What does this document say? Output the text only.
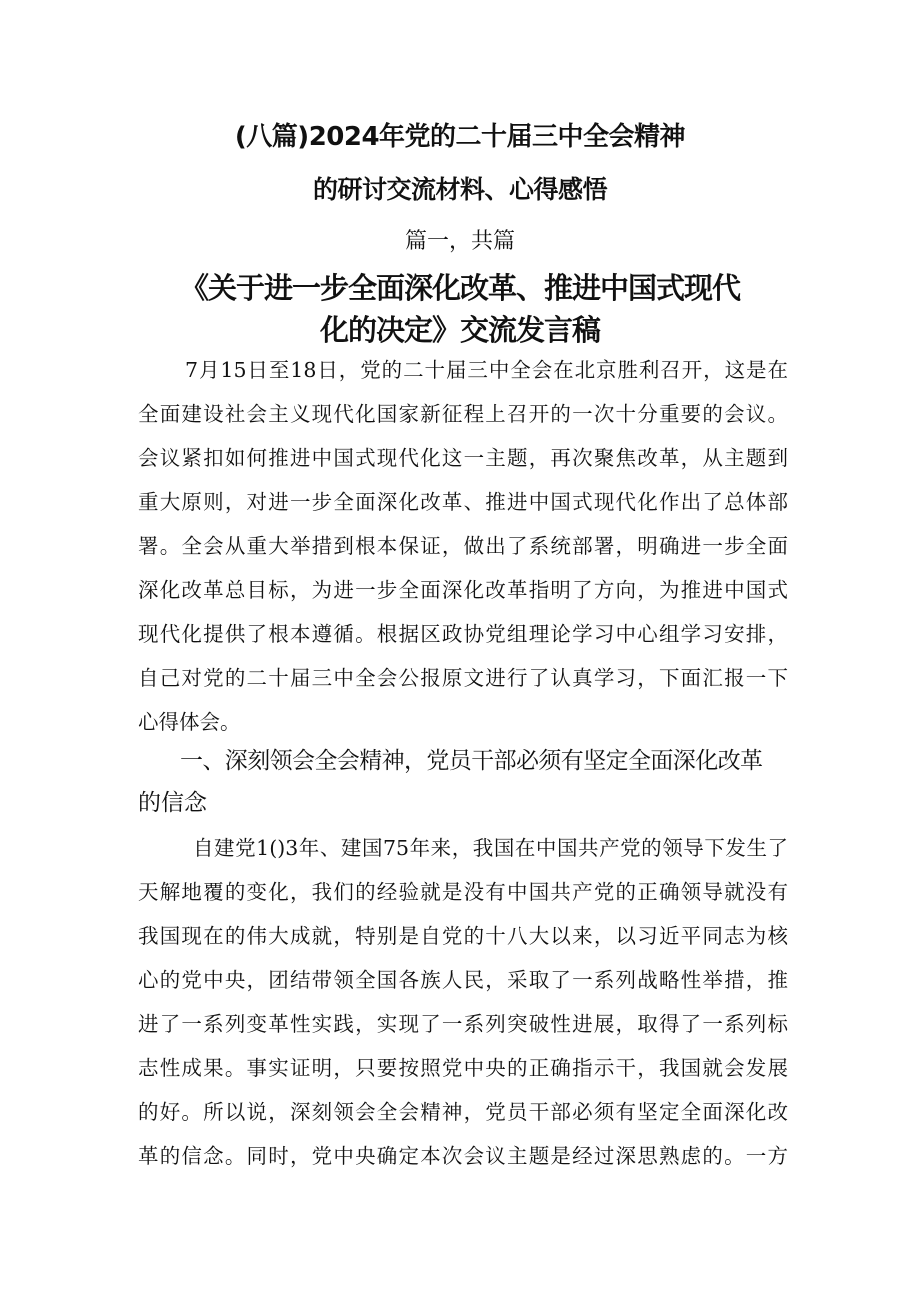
(八篇)2024年党的二十届三中全会精神
的研讨交流材料、心得感悟
篇一，共篇
《关于进一步全面深化改革、推进中国式现代
化的决定》交流发言稿
7月15日至18日，党的二十届三中全会在北京胜利召开，这是在
全面建设社会主义现代化国家新征程上召开的一次十分重要的会议。
会议紧扣如何推进中国式现代化这一主题，再次聚焦改革，从主题到
重大原则，对进一步全面深化改革、推进中国式现代化作出了总体部
署。全会从重大举措到根本保证，做出了系统部署，明确进一步全面
深化改革总目标，为进一步全面深化改革指明了方向，为推进中国式
现代化提供了根本遵循。根据区政协党组理论学习中心组学习安排，
自己对党的二十届三中全会公报原文进行了认真学习，下面汇报一下
心得体会。
一、深刻领会全会精神，党员干部必须有坚定全面深化改革
的信念
自建党1()3年、建国75年来，我国在中国共产党的领导下发生了
天解地覆的变化，我们的经验就是没有中国共产党的正确领导就没有
我国现在的伟大成就，特别是自党的十八大以来，以习近平同志为核
心的党中央，团结带领全国各族人民，采取了一系列战略性举措，推
进了一系列变革性实践，实现了一系列突破性进展，取得了一系列标
志性成果。事实证明，只要按照党中央的正确指示干，我国就会发展
的好。所以说，深刻领会全会精神，党员干部必须有坚定全面深化改
革的信念。同时，党中央确定本次会议主题是经过深思熟虑的。一方
